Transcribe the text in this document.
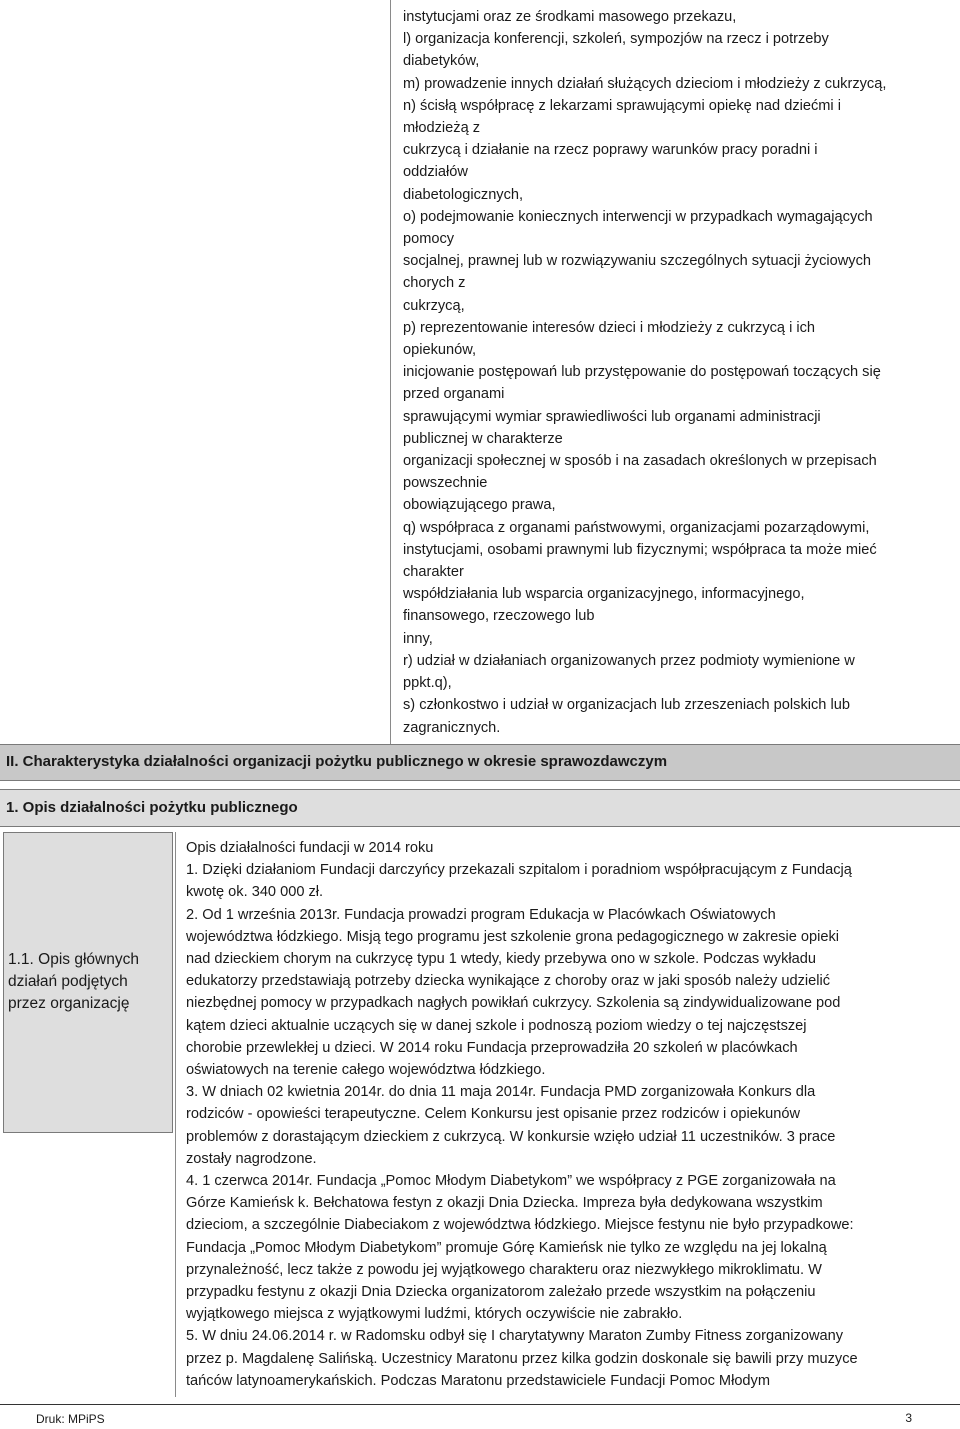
instytucjami oraz ze środkami masowego przekazu,
l) organizacja konferencji, szkoleń, sympozjów na rzecz i potrzeby
diabetyków,
m) prowadzenie innych działań służących dzieciom i młodzieży z cukrzycą,
n) ścisłą współpracę z lekarzami sprawującymi opiekę nad dziećmi i
młodzieżą z
cukrzycą i działanie na rzecz poprawy warunków pracy poradni i
oddziałów
diabetologicznych,
o) podejmowanie koniecznych interwencji w przypadkach wymagających
pomocy
socjalnej, prawnej lub w rozwiązywaniu szczególnych sytuacji życiowych
chorych z
cukrzycą,
p) reprezentowanie interesów dzieci i młodzieży z cukrzycą i ich
opiekunów,
inicjowanie postępowań lub przystępowanie do postępowań toczących się
przed organami
sprawującymi wymiar sprawiedliwości lub organami administracji
publicznej w charakterze
organizacji społecznej w sposób i na zasadach określonych w przepisach
powszechnie
obowiązującego prawa,
q) współpraca z organami państwowymi, organizacjami pozarządowymi,
instytucjami, osobami prawnymi lub fizycznymi; współpraca ta może mieć
charakter
współdziałania lub wsparcia organizacyjnego, informacyjnego,
finansowego, rzeczowego lub
inny,
r) udział w działaniach organizowanych przez podmioty wymienione w
ppkt.q),
s) członkostwo i udział w organizacjach lub zrzeszeniach polskich lub
zagranicznych.
II. Charakterystyka działalności organizacji pożytku publicznego w okresie sprawozdawczym
1. Opis działalności pożytku publicznego
1.1. Opis głównych
działań podjętych
przez organizację
Opis działalności fundacji w 2014 roku
1. Dzięki działaniom Fundacji darczyńcy przekazali szpitalom i poradniom współpracującym z Fundacją
kwotę ok. 340 000 zł.
2. Od 1 września 2013r. Fundacja prowadzi program Edukacja w Placówkach Oświatowych
województwa łódzkiego. Misją tego programu jest szkolenie grona pedagogicznego w zakresie opieki
nad dzieckiem chorym na cukrzycę typu 1 wtedy, kiedy przebywa ono w szkole. Podczas wykładu
edukatorzy przedstawiają potrzeby dziecka wynikające z choroby oraz w jaki sposób należy udzielić
niezbędnej pomocy w przypadkach nagłych powikłań cukrzycy. Szkolenia są zindywidualizowane pod
kątem dzieci aktualnie uczących się w danej szkole i podnoszą poziom wiedzy o tej najczęstszej
chorobie przewlekłej u dzieci. W 2014 roku Fundacja przeprowadziła 20 szkoleń w placówkach
oświatowych na terenie całego województwa łódzkiego.
3. W dniach 02 kwietnia 2014r. do dnia 11 maja 2014r. Fundacja PMD zorganizowała Konkurs dla
rodziców - opowieści terapeutyczne. Celem Konkursu jest opisanie przez rodziców i opiekunów
problemów z dorastającym dzieckiem z cukrzycą. W konkursie wzięło udział 11 uczestników. 3 prace
zostały nagrodzone.
4. 1 czerwca 2014r. Fundacja „Pomoc Młodym Diabetykom” we współpracy z PGE zorganizowała na
Górze Kamieńsk k. Bełchatowa festyn z okazji Dnia Dziecka. Impreza była dedykowana wszystkim
dzieciom, a szczególnie Diabeciakom z województwa łódzkiego. Miejsce festynu nie było przypadkowe:
Fundacja „Pomoc Młodym Diabetykom” promuje Górę Kamieńsk nie tylko ze względu na jej lokalną
przynależność, lecz także z powodu jej wyjątkowego charakteru oraz niezwykłego mikroklimatu. W
przypadku festynu z okazji Dnia Dziecka organizatorom zależało przede wszystkim na połączeniu
wyjątkowego miejsca z wyjątkowymi ludźmi, których oczywiście nie zabrakło.
5. W dniu 24.06.2014 r. w Radomsku odbył się I charytatywny Maraton Zumby Fitness zorganizowany
przez p. Magdalenę Salińską. Uczestnicy Maratonu przez kilka godzin doskonale się bawili przy muzyce
tańców latynoamerykańskich. Podczas Maratonu przedstawiciele Fundacji Pomoc Młodym
Druk: MPiPS	3
